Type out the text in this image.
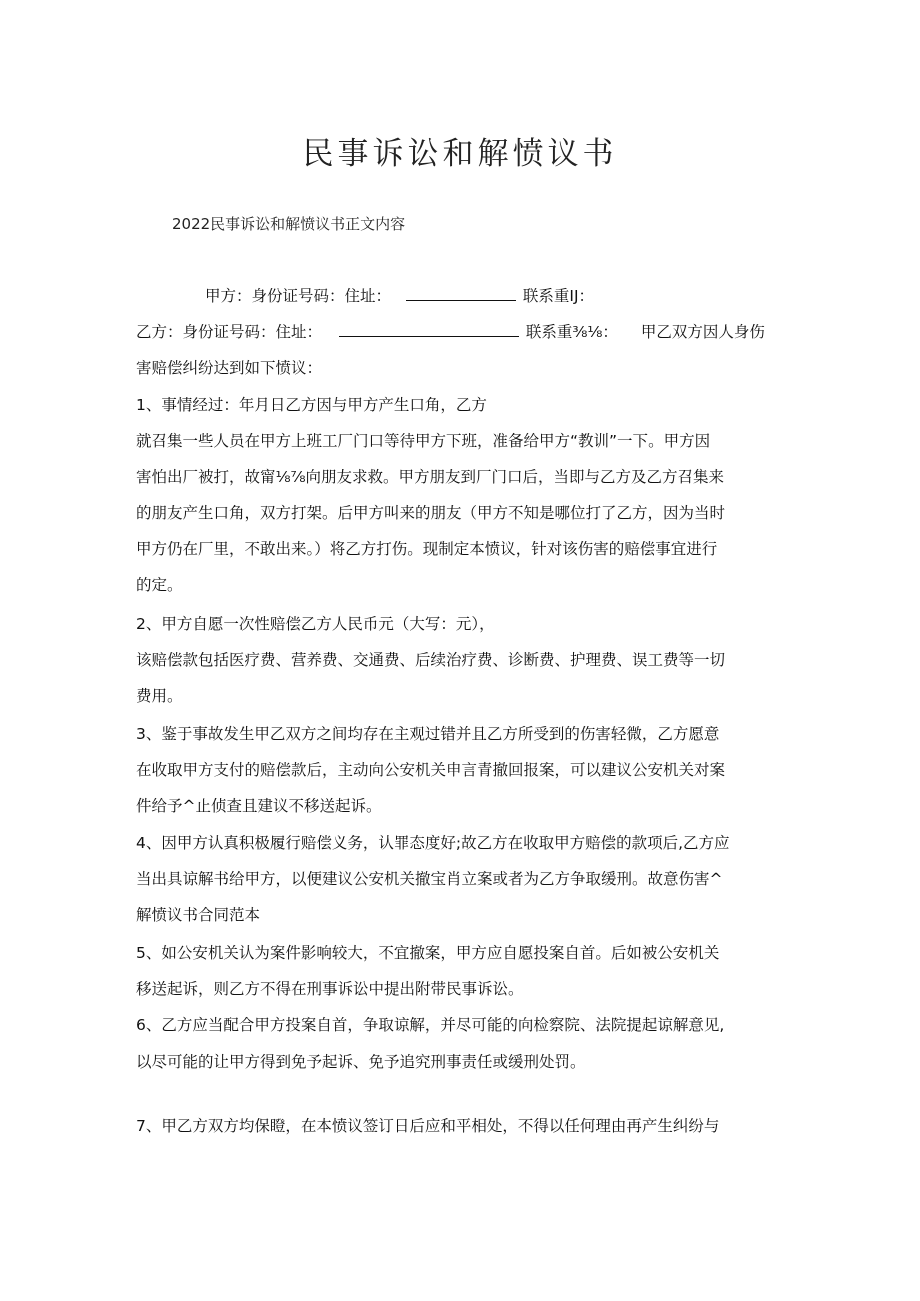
民事诉讼和解愤议书
2022民事诉讼和解愤议书正文内容
甲方：身份证号码：住址：	联系重IJ：
乙方：身份证号码：住址：	联系重⅜⅛： 甲乙双方因人身伤
害赔偿纠纷达到如下愤议：
1、事情经过：年月日乙方因与甲方产生口角，乙方
就召集一些人员在甲方上班工厂门口等待甲方下班，准备给甲方“教训”一下。甲方因
害怕出厂被打，故甯⅛⅞向朋友求救。甲方朋友到厂门口后，当即与乙方及乙方召集来
的朋友产生口角，双方打架。后甲方叫来的朋友（甲方不知是哪位打了乙方，因为当时
甲方仍在厂里，不敢出来。）将乙方打伤。现制定本愤议，针对该伤害的赔偿事宜进行
的定。
2、甲方自愿一次性赔偿乙方人民币元（大写：元），
该赔偿款包括医疗费、营养费、交通费、后续治疗费、诊断费、护理费、误工费等一切
费用。
3、鉴于事故发生甲乙双方之间均存在主观过错并且乙方所受到的伤害轻微，乙方愿意
在收取甲方支付的赔偿款后，主动向公安机关申言青撤回报案，可以建议公安机关对案
件给予^止侦查且建议不移送起诉。
4、因甲方认真积极履行赔偿义务，认罪态度好;故乙方在收取甲方赔偿的款项后,乙方应
当出具谅解书给甲方，以便建议公安机关撤宝肖立案或者为乙方争取缓刑。故意伤害^
解愤议书合同范本
5、如公安机关认为案件影响较大，不宜撤案，甲方应自愿投案自首。后如被公安机关
移送起诉，则乙方不得在刑事诉讼中提出附带民事诉讼。
6、乙方应当配合甲方投案自首，争取谅解，并尽可能的向检察院、法院提起谅解意见,
以尽可能的让甲方得到免予起诉、免予追究刑事责任或缓刑处罚。
7、甲乙方双方均保瞪，在本愤议签订日后应和平相处，不得以任何理由再产生纠纷与
